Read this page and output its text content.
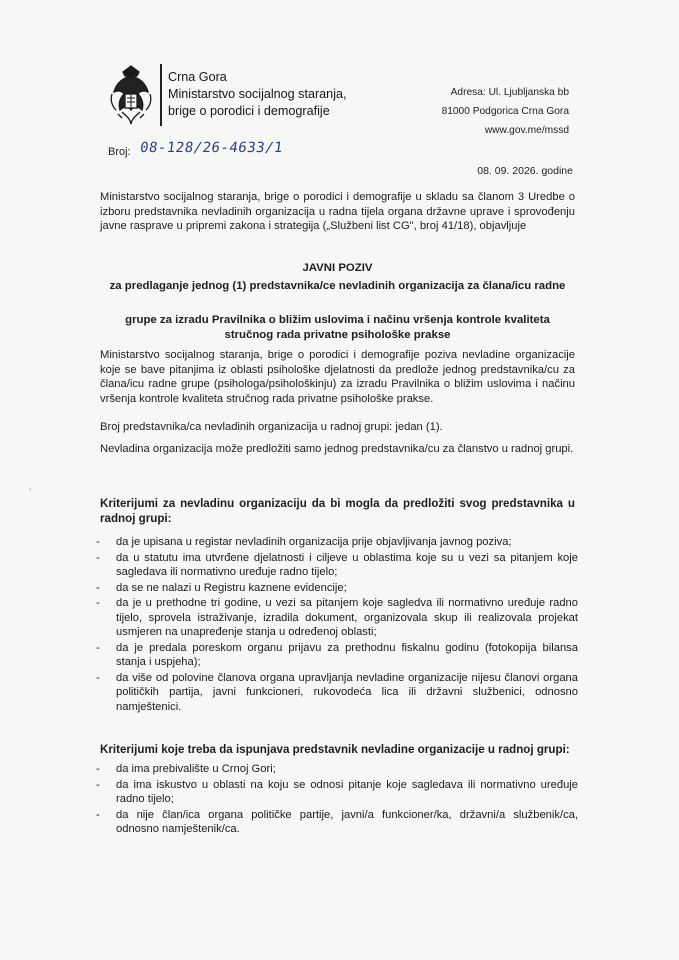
Crna Gora
Ministarstvo socijalnog staranja,
brige o porodici i demografije
Adresa: Ul. Ljubljanska bb
81000 Podgorica Crna Gora
www.gov.me/mssd
Broj: 08-128/26-4633/1
08. 09. 2026. godine
Ministarstvo socijalnog staranja, brige o porodici i demografije u skladu sa članom 3 Uredbe o izboru predstavnika nevladinih organizacija u radna tijela organa državne uprave i sprovođenju javne rasprave u pripremi zakona i strategija („Službeni list CG", broj 41/18), objavljuje
JAVNI POZIV
za predlaganje jednog (1) predstavnika/ce nevladinih organizacija za člana/icu radne
grupe za izradu Pravilnika o bližim uslovima i načinu vršenja kontrole kvaliteta stručnog rada privatne psihološke prakse
Ministarstvo socijalnog staranja, brige o porodici i demografije poziva nevladine organizacije koje se bave pitanjima iz oblasti psihološke djelatnosti da predlože jednog predstavnika/cu za člana/icu radne grupe (psihologa/psihološkinju) za izradu Pravilnika o bližim uslovima i načinu vršenja kontrole kvaliteta stručnog rada privatne psihološke prakse.
Broj predstavnika/ca nevladinih organizacija u radnoj grupi: jedan (1).
Nevladina organizacija može predložiti samo jednog predstavnika/cu za članstvo u radnoj grupi.
·
Kriterijumi za nevladinu organizaciju da bi mogla da predložiti svog predstavnika u radnoj grupi:
- da je upisana u registar nevladinih organizacija prije objavljivanja javnog poziva;
- da u statutu ima utvrđene djelatnosti i ciljeve u oblastima koje su u vezi sa pitanjem koje sagledava ili normativno uređuje radno tijelo;
- da se ne nalazi u Registru kaznene evidencije;
- da je u prethodne tri godine, u vezi sa pitanjem koje sagledva ili normativno uređuje radno tijelo, sprovela istraživanje, izradila dokument, organizovala skup ili realizovala projekat usmjeren na unapređenje stanja u određenoj oblasti;
- da je predala poreskom organu prijavu za prethodnu fiskalnu godinu (fotokopija bilansa stanja i uspjeha);
- da više od polovine članova organa upravljanja nevladine organizacije nijesu članovi organa političkih partija, javni funkcioneri, rukovodeća lica ili državni službenici, odnosno namještenici.
Kriterijumi koje treba da ispunjava predstavnik nevladine organizacije u radnoj grupi:
- da ima prebivalište u Crnoj Gori;
- da ima iskustvo u oblasti na koju se odnosi pitanje koje sagledava ili normativno uređuje radno tijelo;
- da nije član/ica organa političke partije, javni/a funkcioner/ka, državni/a službenik/ca, odnosno namještenik/ca.
